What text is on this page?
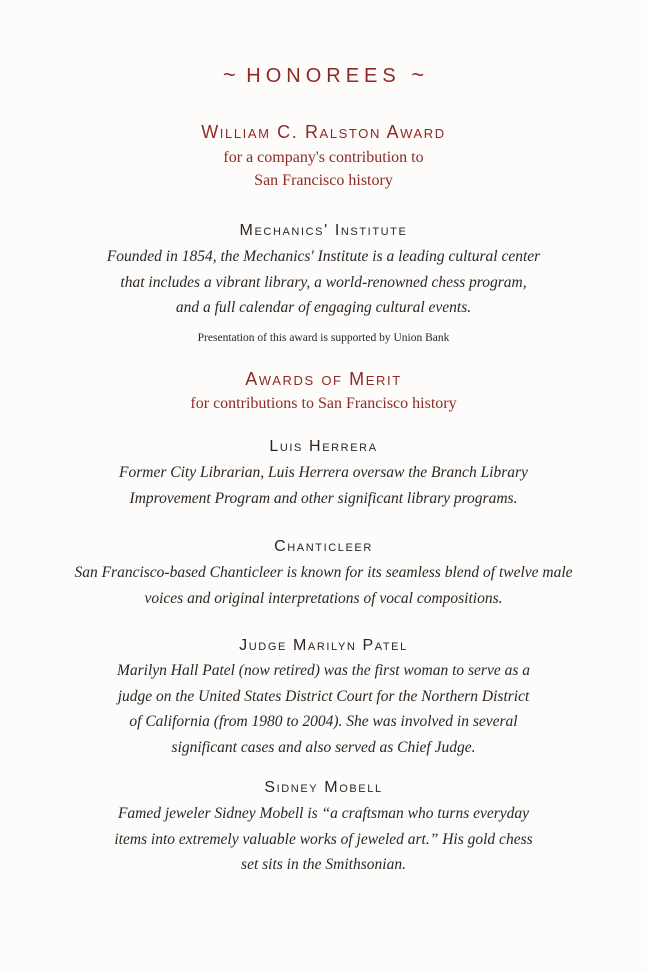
~ HONOREES ~
William C. Ralston Award
for a company's contribution to
San Francisco history
Mechanics' Institute
Founded in 1854, the Mechanics' Institute is a leading cultural center
that includes a vibrant library, a world-renowned chess program,
and a full calendar of engaging cultural events.
Presentation of this award is supported by Union Bank
Awards of Merit
for contributions to San Francisco history
Luis Herrera
Former City Librarian, Luis Herrera oversaw the Branch Library
Improvement Program and other significant library programs.
Chanticleer
San Francisco-based Chanticleer is known for its seamless blend of twelve male
voices and original interpretations of vocal compositions.
Judge Marilyn Patel
Marilyn Hall Patel (now retired) was the first woman to serve as a
judge on the United States District Court for the Northern District
of California (from 1980 to 2004). She was involved in several
significant cases and also served as Chief Judge.
Sidney Mobell
Famed jeweler Sidney Mobell is “a craftsman who turns everyday
items into extremely valuable works of jeweled art.” His gold chess
set sits in the Smithsonian.
